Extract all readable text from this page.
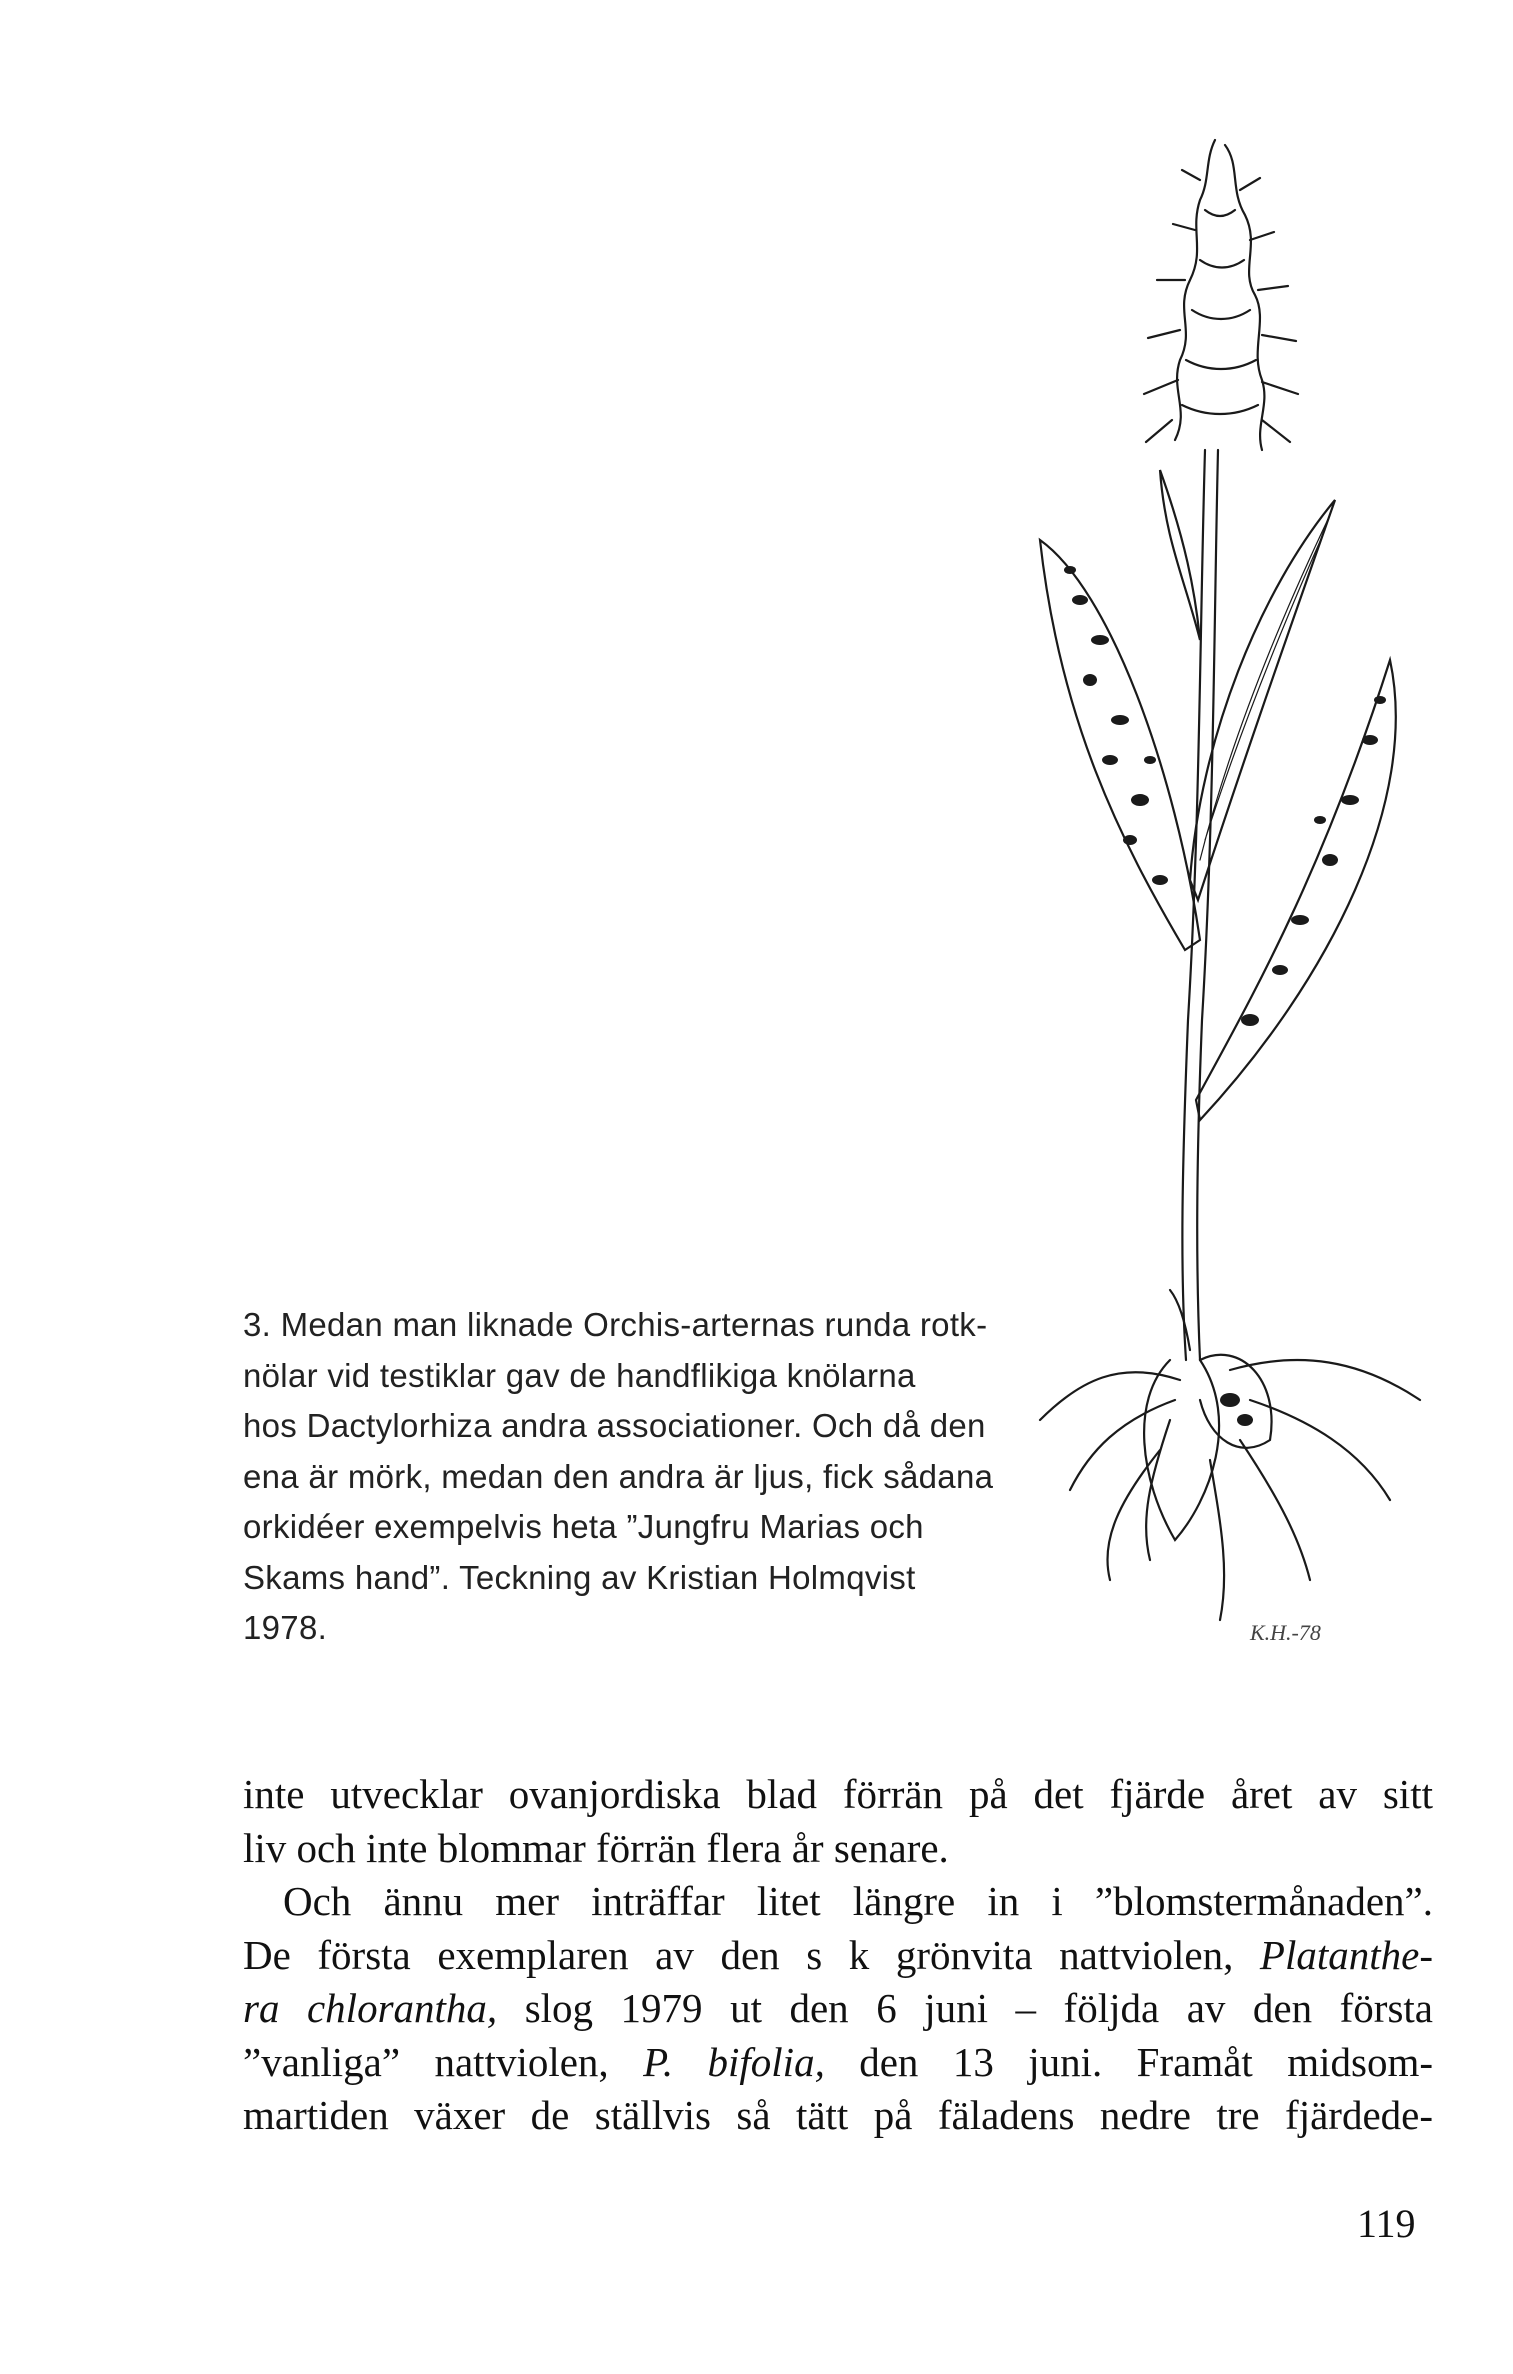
K.H.-78
3. Medan man liknade Orchis-arternas runda rotk-
nölar vid testiklar gav de handflikiga knölarna
hos Dactylorhiza andra associationer. Och då den
ena är mörk, medan den andra är ljus, fick sådana
orkidéer exempelvis heta ”Jungfru Marias och
Skams hand”. Teckning av Kristian Holmqvist
1978.
inte utvecklar ovanjordiska blad förrän på det fjärde året av sitt
liv och inte blommar förrän flera år senare.
Och ännu mer inträffar litet längre in i ”blomstermånaden”.
De första exemplaren av den s k grönvita nattviolen, Platanthe-
ra chlorantha, slog 1979 ut den 6 juni – följda av den första
”vanliga” nattviolen, P. bifolia, den 13 juni. Framåt midsom-
martiden växer de ställvis så tätt på fäladens nedre tre fjärdede-
119
